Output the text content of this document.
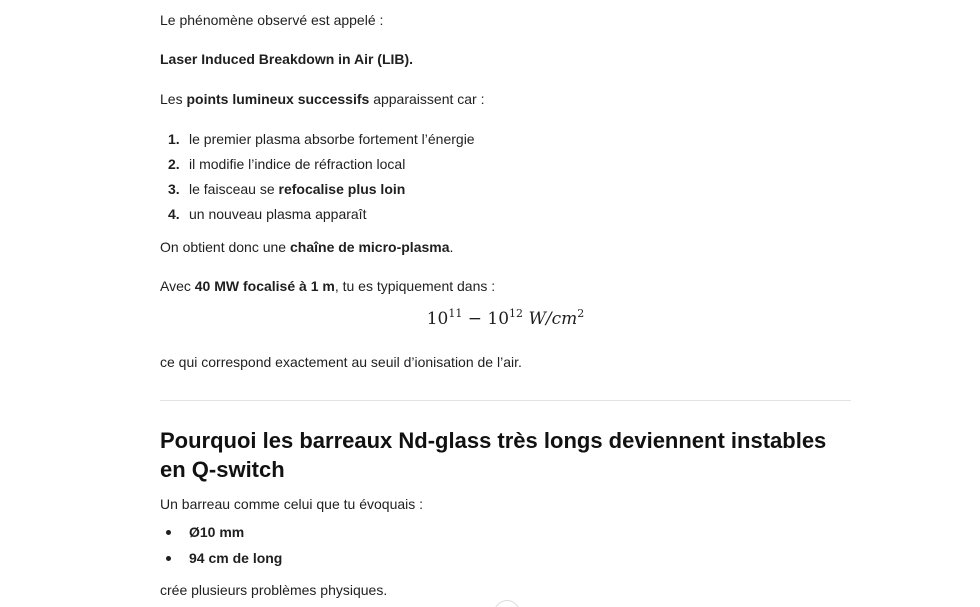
Le phénomène observé est appelé :

Laser Induced Breakdown in Air (LIB).

Les points lumineux successifs apparaissent car :

1. le premier plasma absorbe fortement l’énergie
2. il modifie l’indice de réfraction local
3. le faisceau se refocalise plus loin
4. un nouveau plasma apparaît

On obtient donc une chaîne de micro-plasma.

Avec 40 MW focalisé à 1 m, tu es typiquement dans :

$10^{11} - 10^{12}$ $W/cm^2$

ce qui correspond exactement au seuil d’ionisation de l’air.

Pourquoi les barreaux Nd-glass très longs deviennent instables en Q-switch

Un barreau comme celui que tu évoquais :

Ø10 mm
94 cm de long

crée plusieurs problèmes physiques.
